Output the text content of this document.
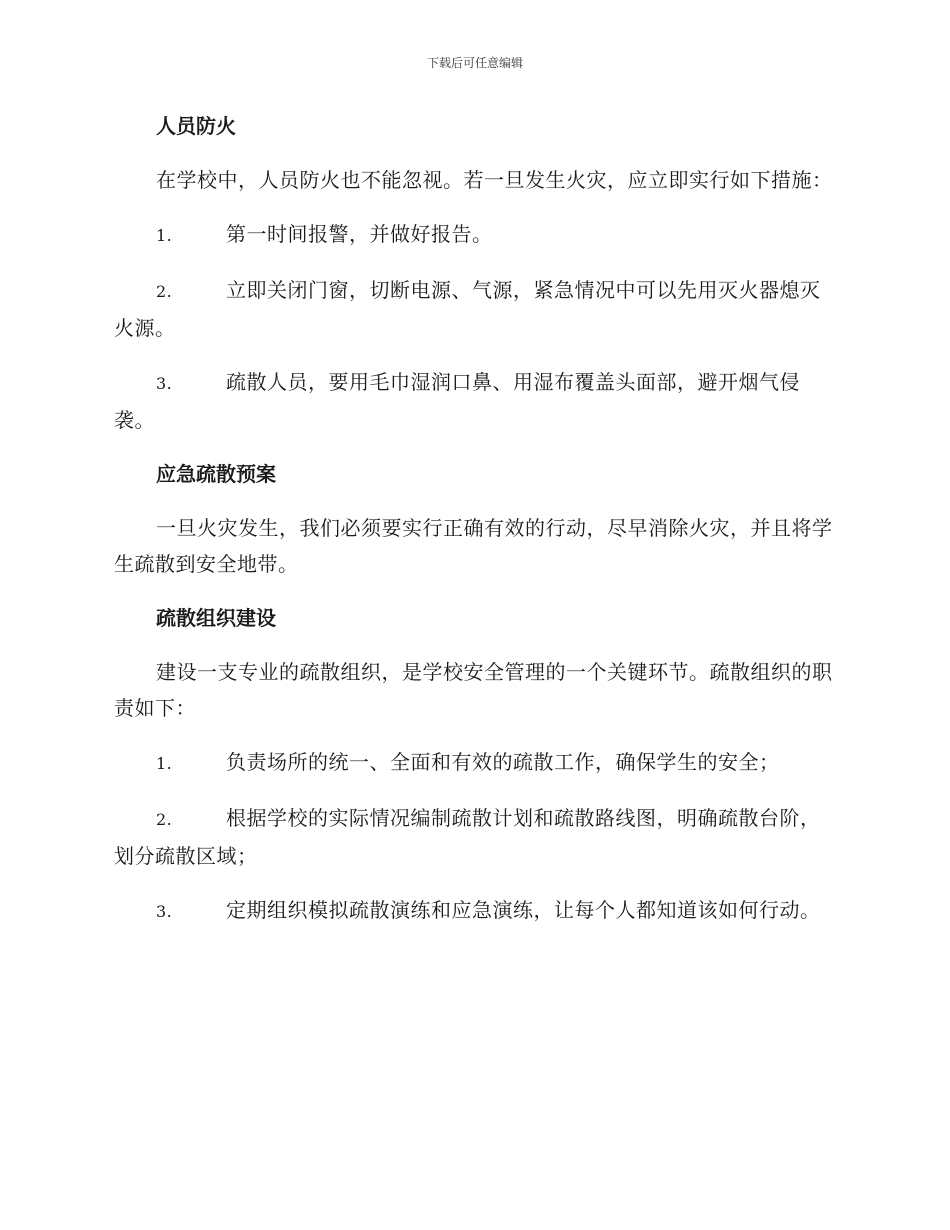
下载后可任意编辑
人员防火
在学校中，人员防火也不能忽视。若一旦发生火灾，应立即实行如下措施：
1.	第一时间报警，并做好报告。
2.	立即关闭门窗，切断电源、气源，紧急情况中可以先用灭火器熄灭火源。
3.	疏散人员，要用毛巾湿润口鼻、用湿布覆盖头面部，避开烟气侵袭。
应急疏散预案
一旦火灾发生，我们必须要实行正确有效的行动，尽早消除火灾，并且将学生疏散到安全地带。
疏散组织建设
建设一支专业的疏散组织，是学校安全管理的一个关键环节。疏散组织的职责如下：
1.	负责场所的统一、全面和有效的疏散工作，确保学生的安全；
2.	根据学校的实际情况编制疏散计划和疏散路线图，明确疏散台阶，划分疏散区域；
3.	定期组织模拟疏散演练和应急演练，让每个人都知道该如何行动。
